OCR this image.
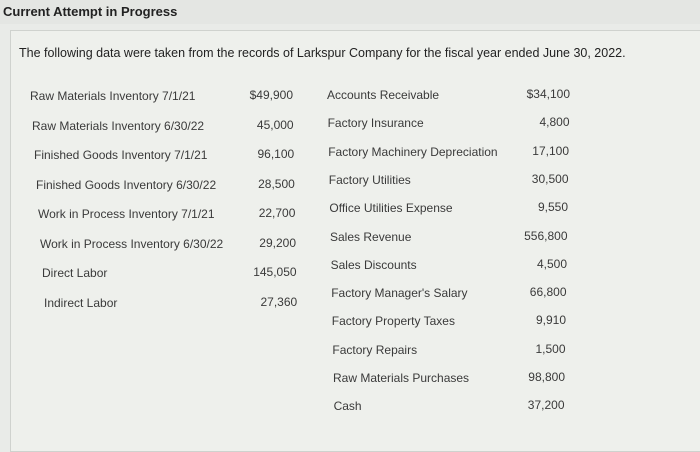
Current Attempt in Progress
The following data were taken from the records of Larkspur Company for the fiscal year ended June 30, 2022.
Raw Materials Inventory 7/1/21	$49,900
Raw Materials Inventory 6/30/22	45,000
Finished Goods Inventory 7/1/21	96,100
Finished Goods Inventory 6/30/22	28,500
Work in Process Inventory 7/1/21	22,700
Work in Process Inventory 6/30/22	29,200
Direct Labor	145,050
Indirect Labor	27,360
Accounts Receivable	$34,100
Factory Insurance	4,800
Factory Machinery Depreciation	17,100
Factory Utilities	30,500
Office Utilities Expense	9,550
Sales Revenue	556,800
Sales Discounts	4,500
Factory Manager's Salary	66,800
Factory Property Taxes	9,910
Factory Repairs	1,500
Raw Materials Purchases	98,800
Cash	37,200
